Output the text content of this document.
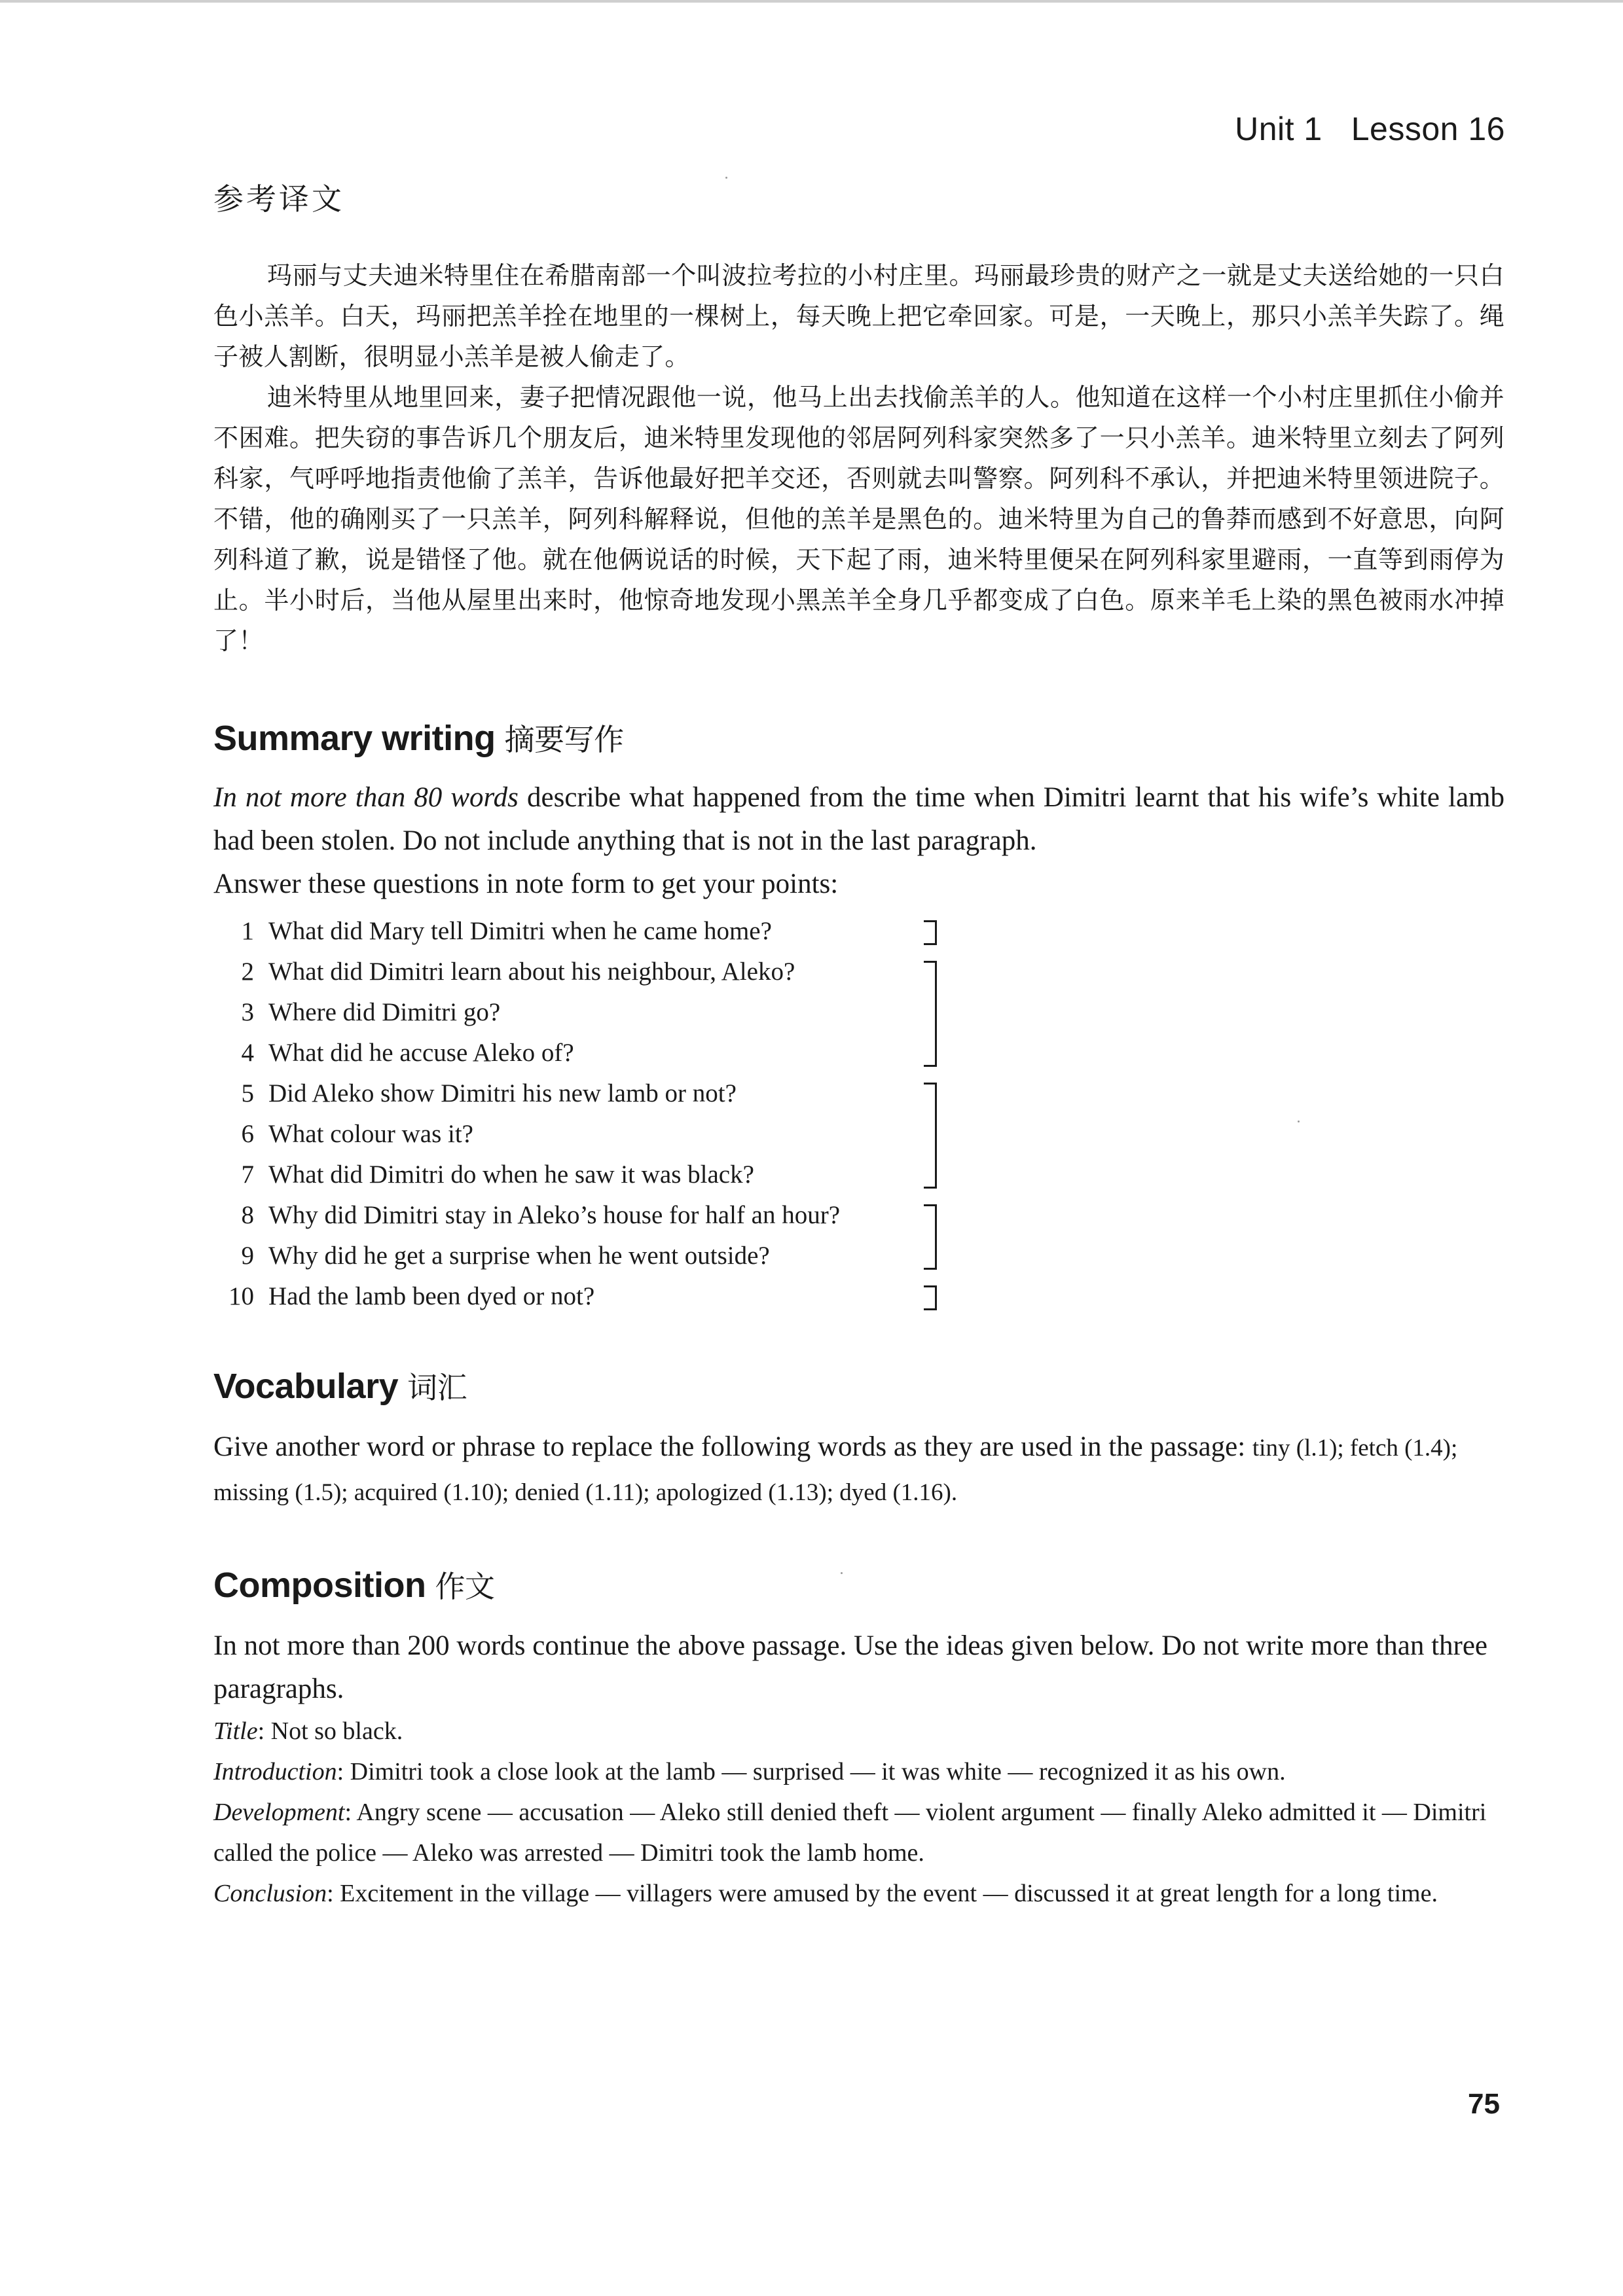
Unit 1 Lesson 16
参考译文

玛丽与丈夫迪米特里住在希腊南部一个叫波拉考拉的小村庄里。玛丽最珍贵的财产之一就是丈夫送给她的一只白色小羔羊。白天，玛丽把羔羊拴在地里的一棵树上，每天晚上把它牵回家。可是，一天晚上，那只小羔羊失踪了。绳子被人割断，很明显小羔羊是被人偷走了。

迪米特里从地里回来，妻子把情况跟他一说，他马上出去找偷羔羊的人。他知道在这样一个小村庄里抓住小偷并不困难。把失窃的事告诉几个朋友后，迪米特里发现他的邻居阿列科家突然多了一只小羔羊。迪米特里立刻去了阿列科家，气呼呼地指责他偷了羔羊，告诉他最好把羊交还，否则就去叫警察。阿列科不承认，并把迪米特里领进院子。不错，他的确刚买了一只羔羊，阿列科解释说，但他的羔羊是黑色的。迪米特里为自己的鲁莽而感到不好意思，向阿列科道了歉，说是错怪了他。就在他俩说话的时候，天下起了雨，迪米特里便呆在阿列科家里避雨，一直等到雨停为止。半小时后，当他从屋里出来时，他惊奇地发现小黑羔羊全身几乎都变成了白色。原来羊毛上染的黑色被雨水冲掉了！

Summary writing 摘要写作

In not more than 80 words describe what happened from the time when Dimitri learnt that his wife’s white lamb had been stolen. Do not include anything that is not in the last paragraph.

Answer these questions in note form to get your points:

1 What did Mary tell Dimitri when he came home?
2 What did Dimitri learn about his neighbour, Aleko?
3 Where did Dimitri go?
4 What did he accuse Aleko of?
5 Did Aleko show Dimitri his new lamb or not?
6 What colour was it?
7 What did Dimitri do when he saw it was black?
8 Why did Dimitri stay in Aleko’s house for half an hour?
9 Why did he get a surprise when he went outside?
10 Had the lamb been dyed or not?
Vocabulary 词汇

Give another word or phrase to replace the following words as they are used in the passage: tiny (l.1); fetch (1.4); missing (1.5); acquired (1.10); denied (1.11); apologized (1.13); dyed (1.16).

Composition 作文

In not more than 200 words continue the above passage. Use the ideas given below. Do not write more than three paragraphs.

Title: Not so black.

Introduction: Dimitri took a close look at the lamb — surprised — it was white — recognized it as his own.

Development: Angry scene — accusation — Aleko still denied theft — violent argument — finally Aleko admitted it — Dimitri called the police — Aleko was arrested — Dimitri took the lamb home.

Conclusion: Excitement in the village — villagers were amused by the event — discussed it at great length for a long time.

75
